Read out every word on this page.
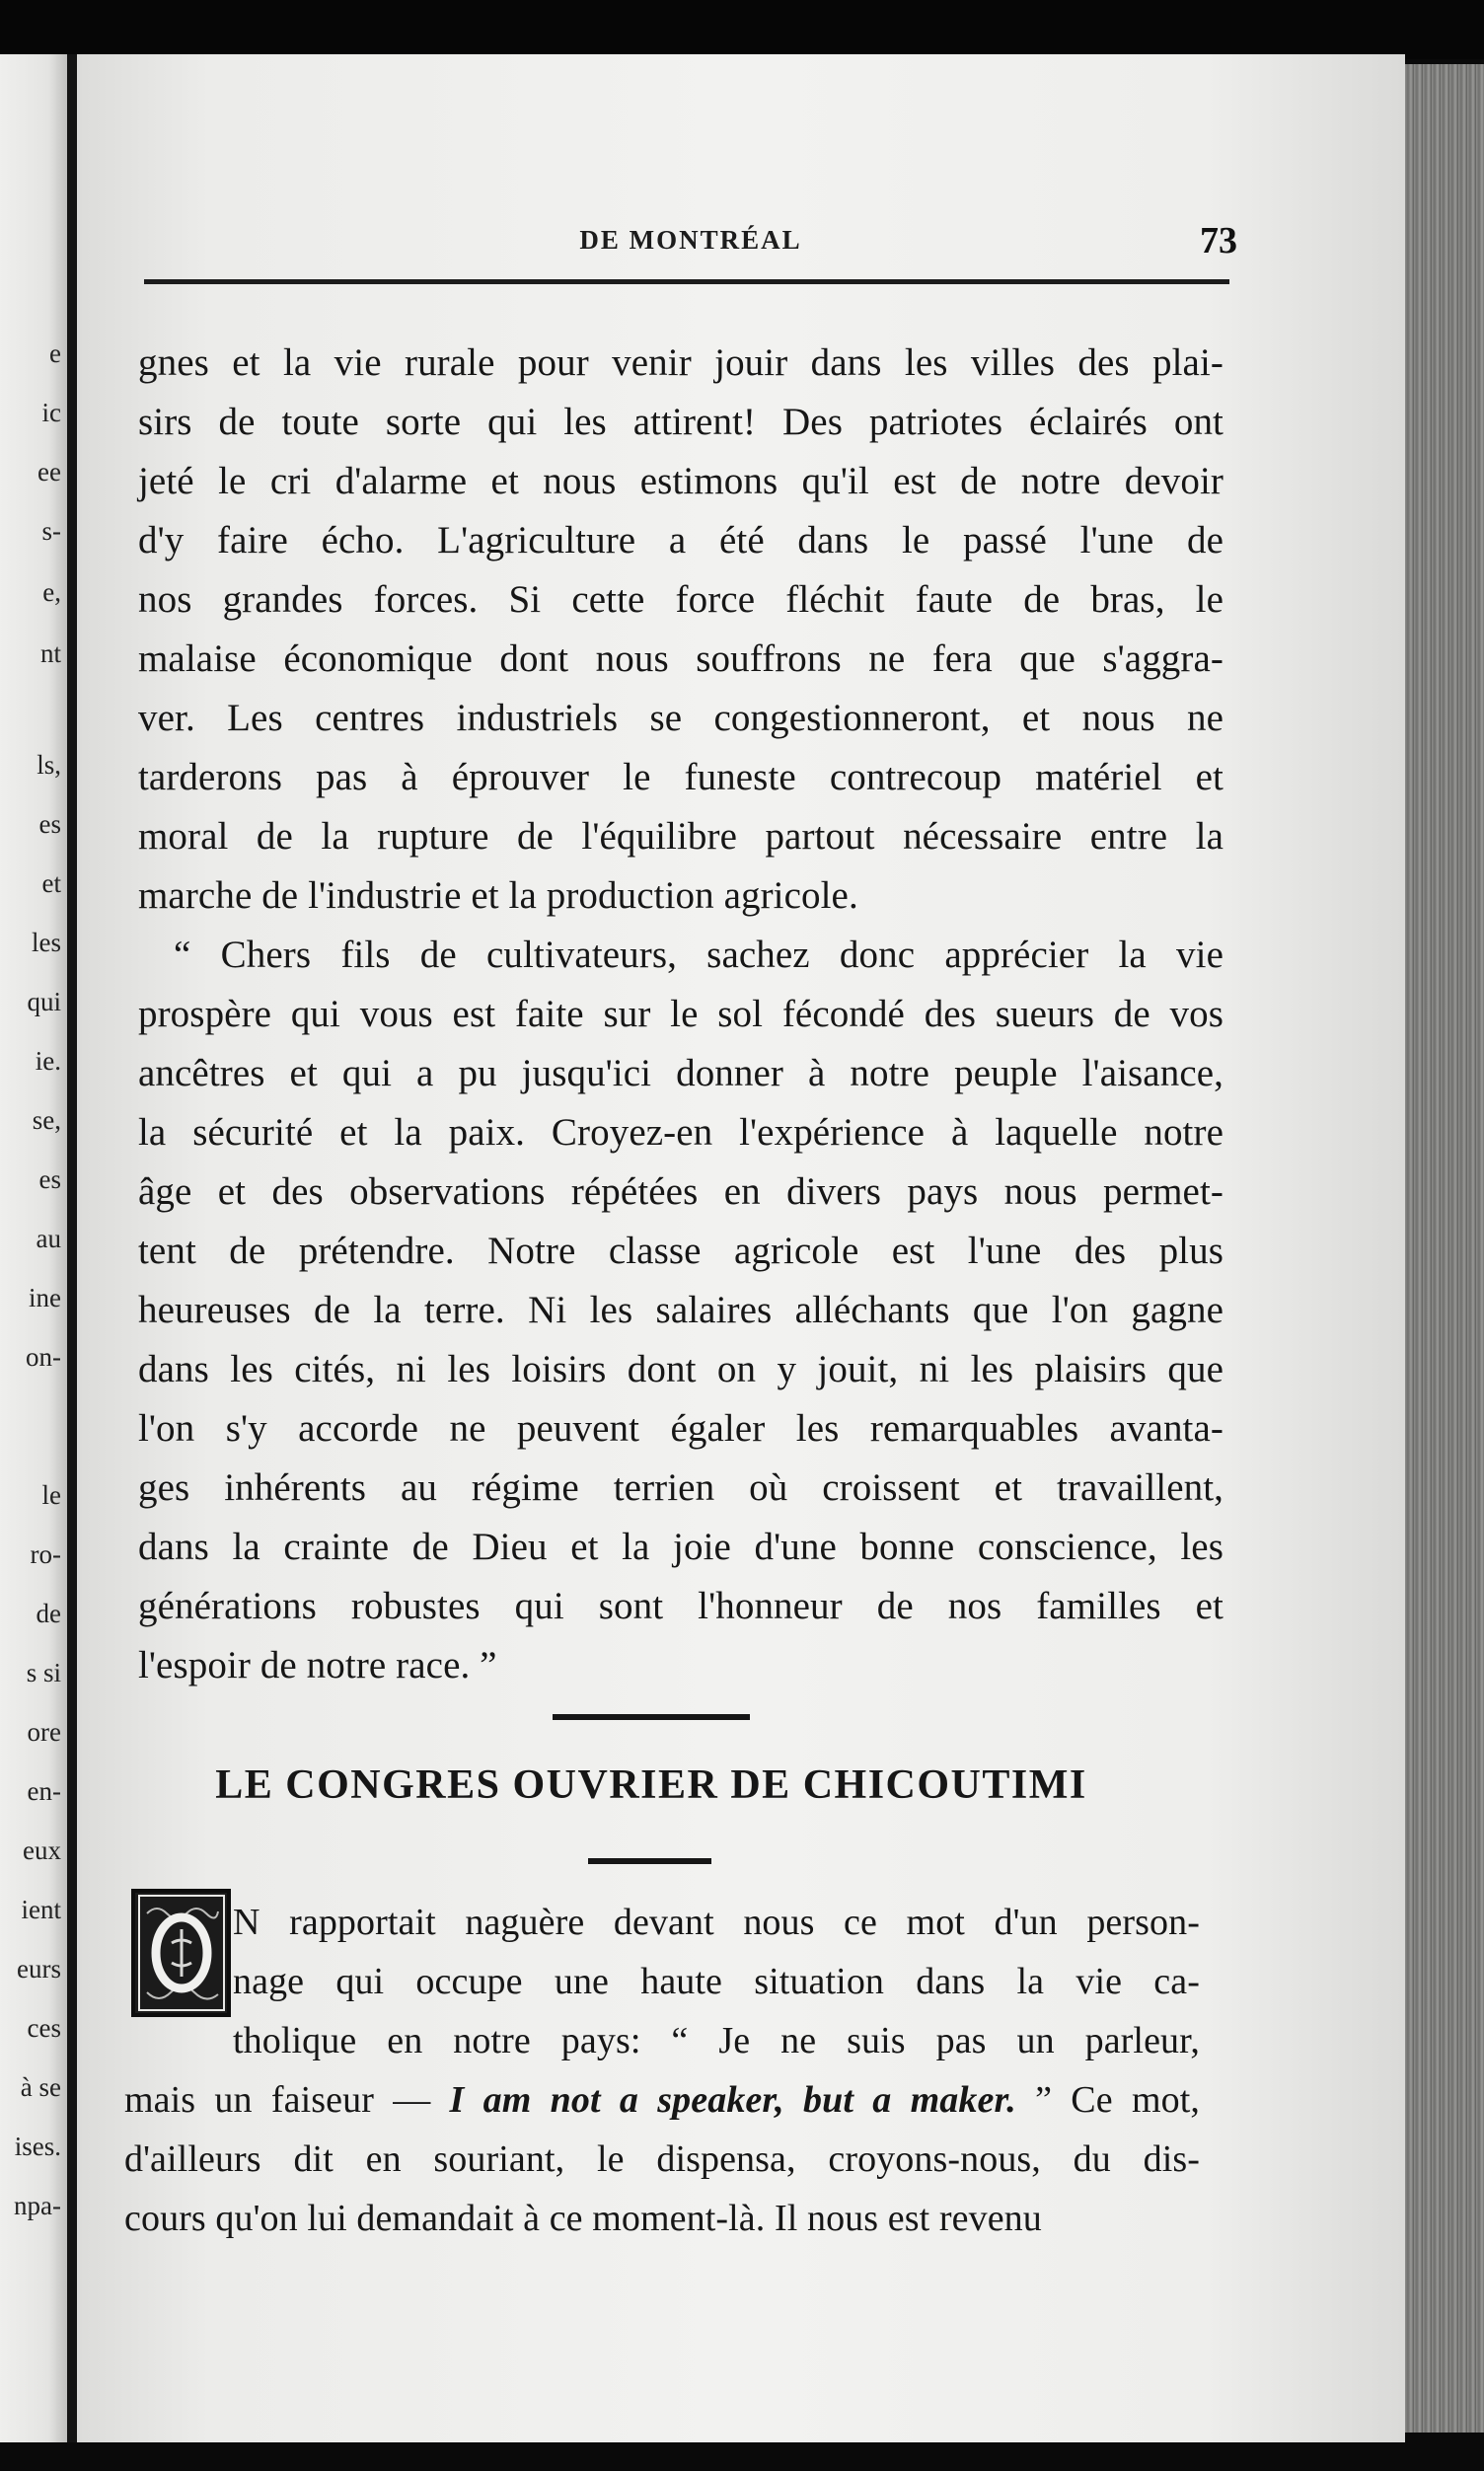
e
ic
ee
s-
e,
nt
ls,
es
et
les
qui
ie.
se,
es
au
ine
on-
le
ro-
de
s si
ore
en-
eux
ient
eurs
ces
à se
ises.
npa-
DE MONTRÉAL	73
gnes et la vie rurale pour venir jouir dans les villes des plai-
sirs de toute sorte qui les attirent! Des patriotes éclairés ont
jeté le cri d'alarme et nous estimons qu'il est de notre devoir
d'y faire écho. L'agriculture a été dans le passé l'une de
nos grandes forces. Si cette force fléchit faute de bras, le
malaise économique dont nous souffrons ne fera que s'aggra-
ver. Les centres industriels se congestionneront, et nous ne
tarderons pas à éprouver le funeste contrecoup matériel et
moral de la rupture de l'équilibre partout nécessaire entre la
marche de l'industrie et la production agricole.
“ Chers fils de cultivateurs, sachez donc apprécier la vie
prospère qui vous est faite sur le sol fécondé des sueurs de vos
ancêtres et qui a pu jusqu'ici donner à notre peuple l'aisance,
la sécurité et la paix. Croyez-en l'expérience à laquelle notre
âge et des observations répétées en divers pays nous permet-
tent de prétendre. Notre classe agricole est l'une des plus
heureuses de la terre. Ni les salaires alléchants que l'on gagne
dans les cités, ni les loisirs dont on y jouit, ni les plaisirs que
l'on s'y accorde ne peuvent égaler les remarquables avanta-
ges inhérents au régime terrien où croissent et travaillent,
dans la crainte de Dieu et la joie d'une bonne conscience, les
générations robustes qui sont l'honneur de nos familles et
l'espoir de notre race. ”
LE CONGRES OUVRIER DE CHICOUTIMI
N rapportait naguère devant nous ce mot d'un person-
nage qui occupe une haute situation dans la vie ca-
tholique en notre pays: “ Je ne suis pas un parleur,
mais un faiseur — I am not a speaker, but a maker. ” Ce mot,
d'ailleurs dit en souriant, le dispensa, croyons-nous, du dis-
cours qu'on lui demandait à ce moment-là. Il nous est revenu
